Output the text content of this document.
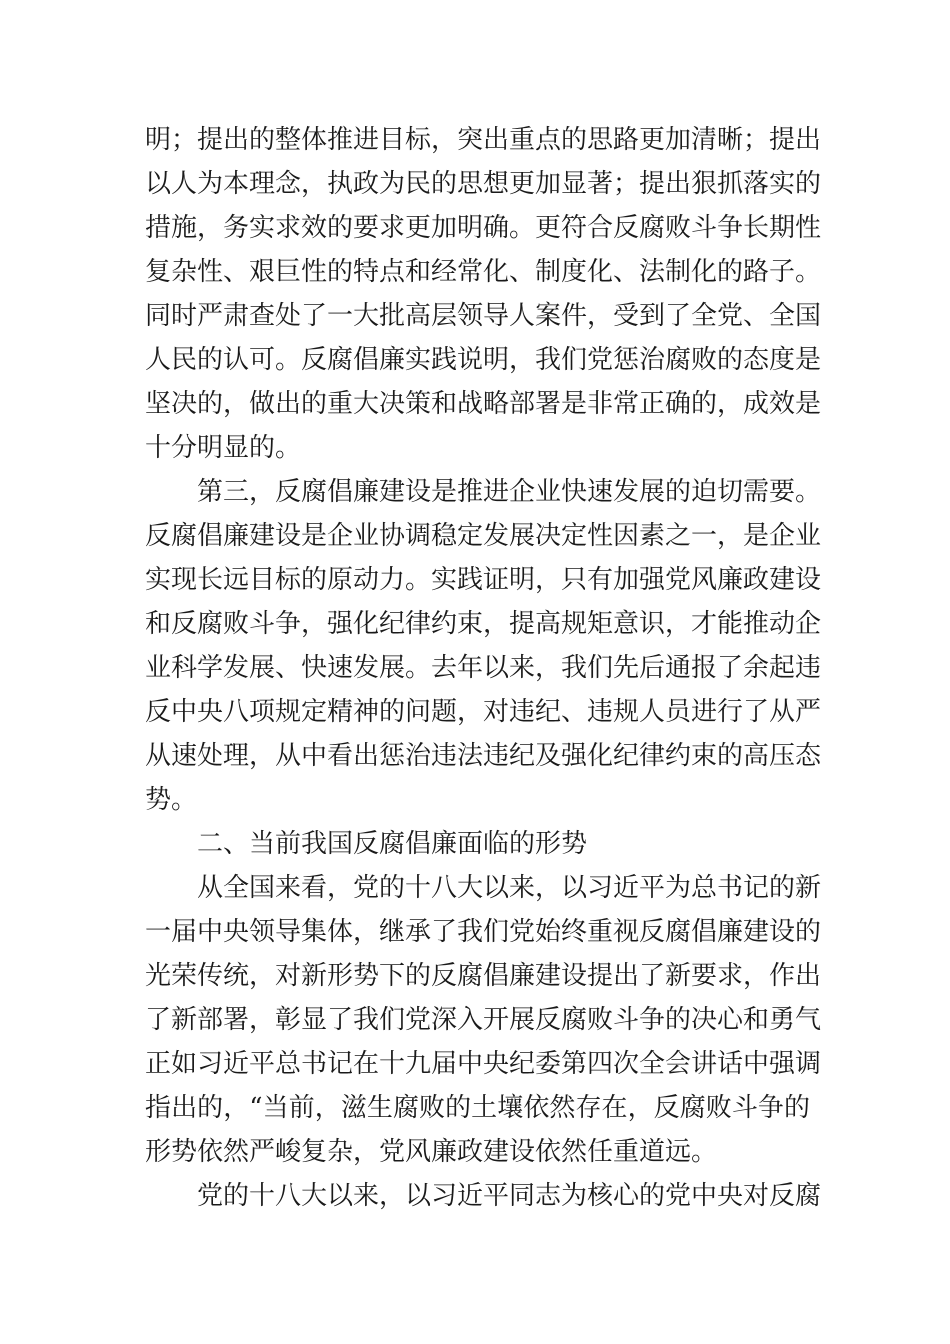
明；提出的整体推进目标，突出重点的思路更加清晰；提出
以人为本理念，执政为民的思想更加显著；提出狠抓落实的
措施，务实求效的要求更加明确。更符合反腐败斗争长期性
复杂性、艰巨性的特点和经常化、制度化、法制化的路子。
同时严肃查处了一大批高层领导人案件，受到了全党、全国
人民的认可。反腐倡廉实践说明，我们党惩治腐败的态度是
坚决的，做出的重大决策和战略部署是非常正确的，成效是
十分明显的。
第三，反腐倡廉建设是推进企业快速发展的迫切需要。
反腐倡廉建设是企业协调稳定发展决定性因素之一，是企业
实现长远目标的原动力。实践证明，只有加强党风廉政建设
和反腐败斗争，强化纪律约束，提高规矩意识，才能推动企
业科学发展、快速发展。去年以来，我们先后通报了余起违
反中央八项规定精神的问题，对违纪、违规人员进行了从严
从速处理，从中看出惩治违法违纪及强化纪律约束的高压态
势。
二、当前我国反腐倡廉面临的形势
从全国来看，党的十八大以来，以习近平为总书记的新
一届中央领导集体，继承了我们党始终重视反腐倡廉建设的
光荣传统，对新形势下的反腐倡廉建设提出了新要求，作出
了新部署，彰显了我们党深入开展反腐败斗争的决心和勇气
正如习近平总书记在十九届中央纪委第四次全会讲话中强调
指出的，“当前，滋生腐败的土壤依然存在，反腐败斗争的
形势依然严峻复杂，党风廉政建设依然任重道远。
党的十八大以来，以习近平同志为核心的党中央对反腐
